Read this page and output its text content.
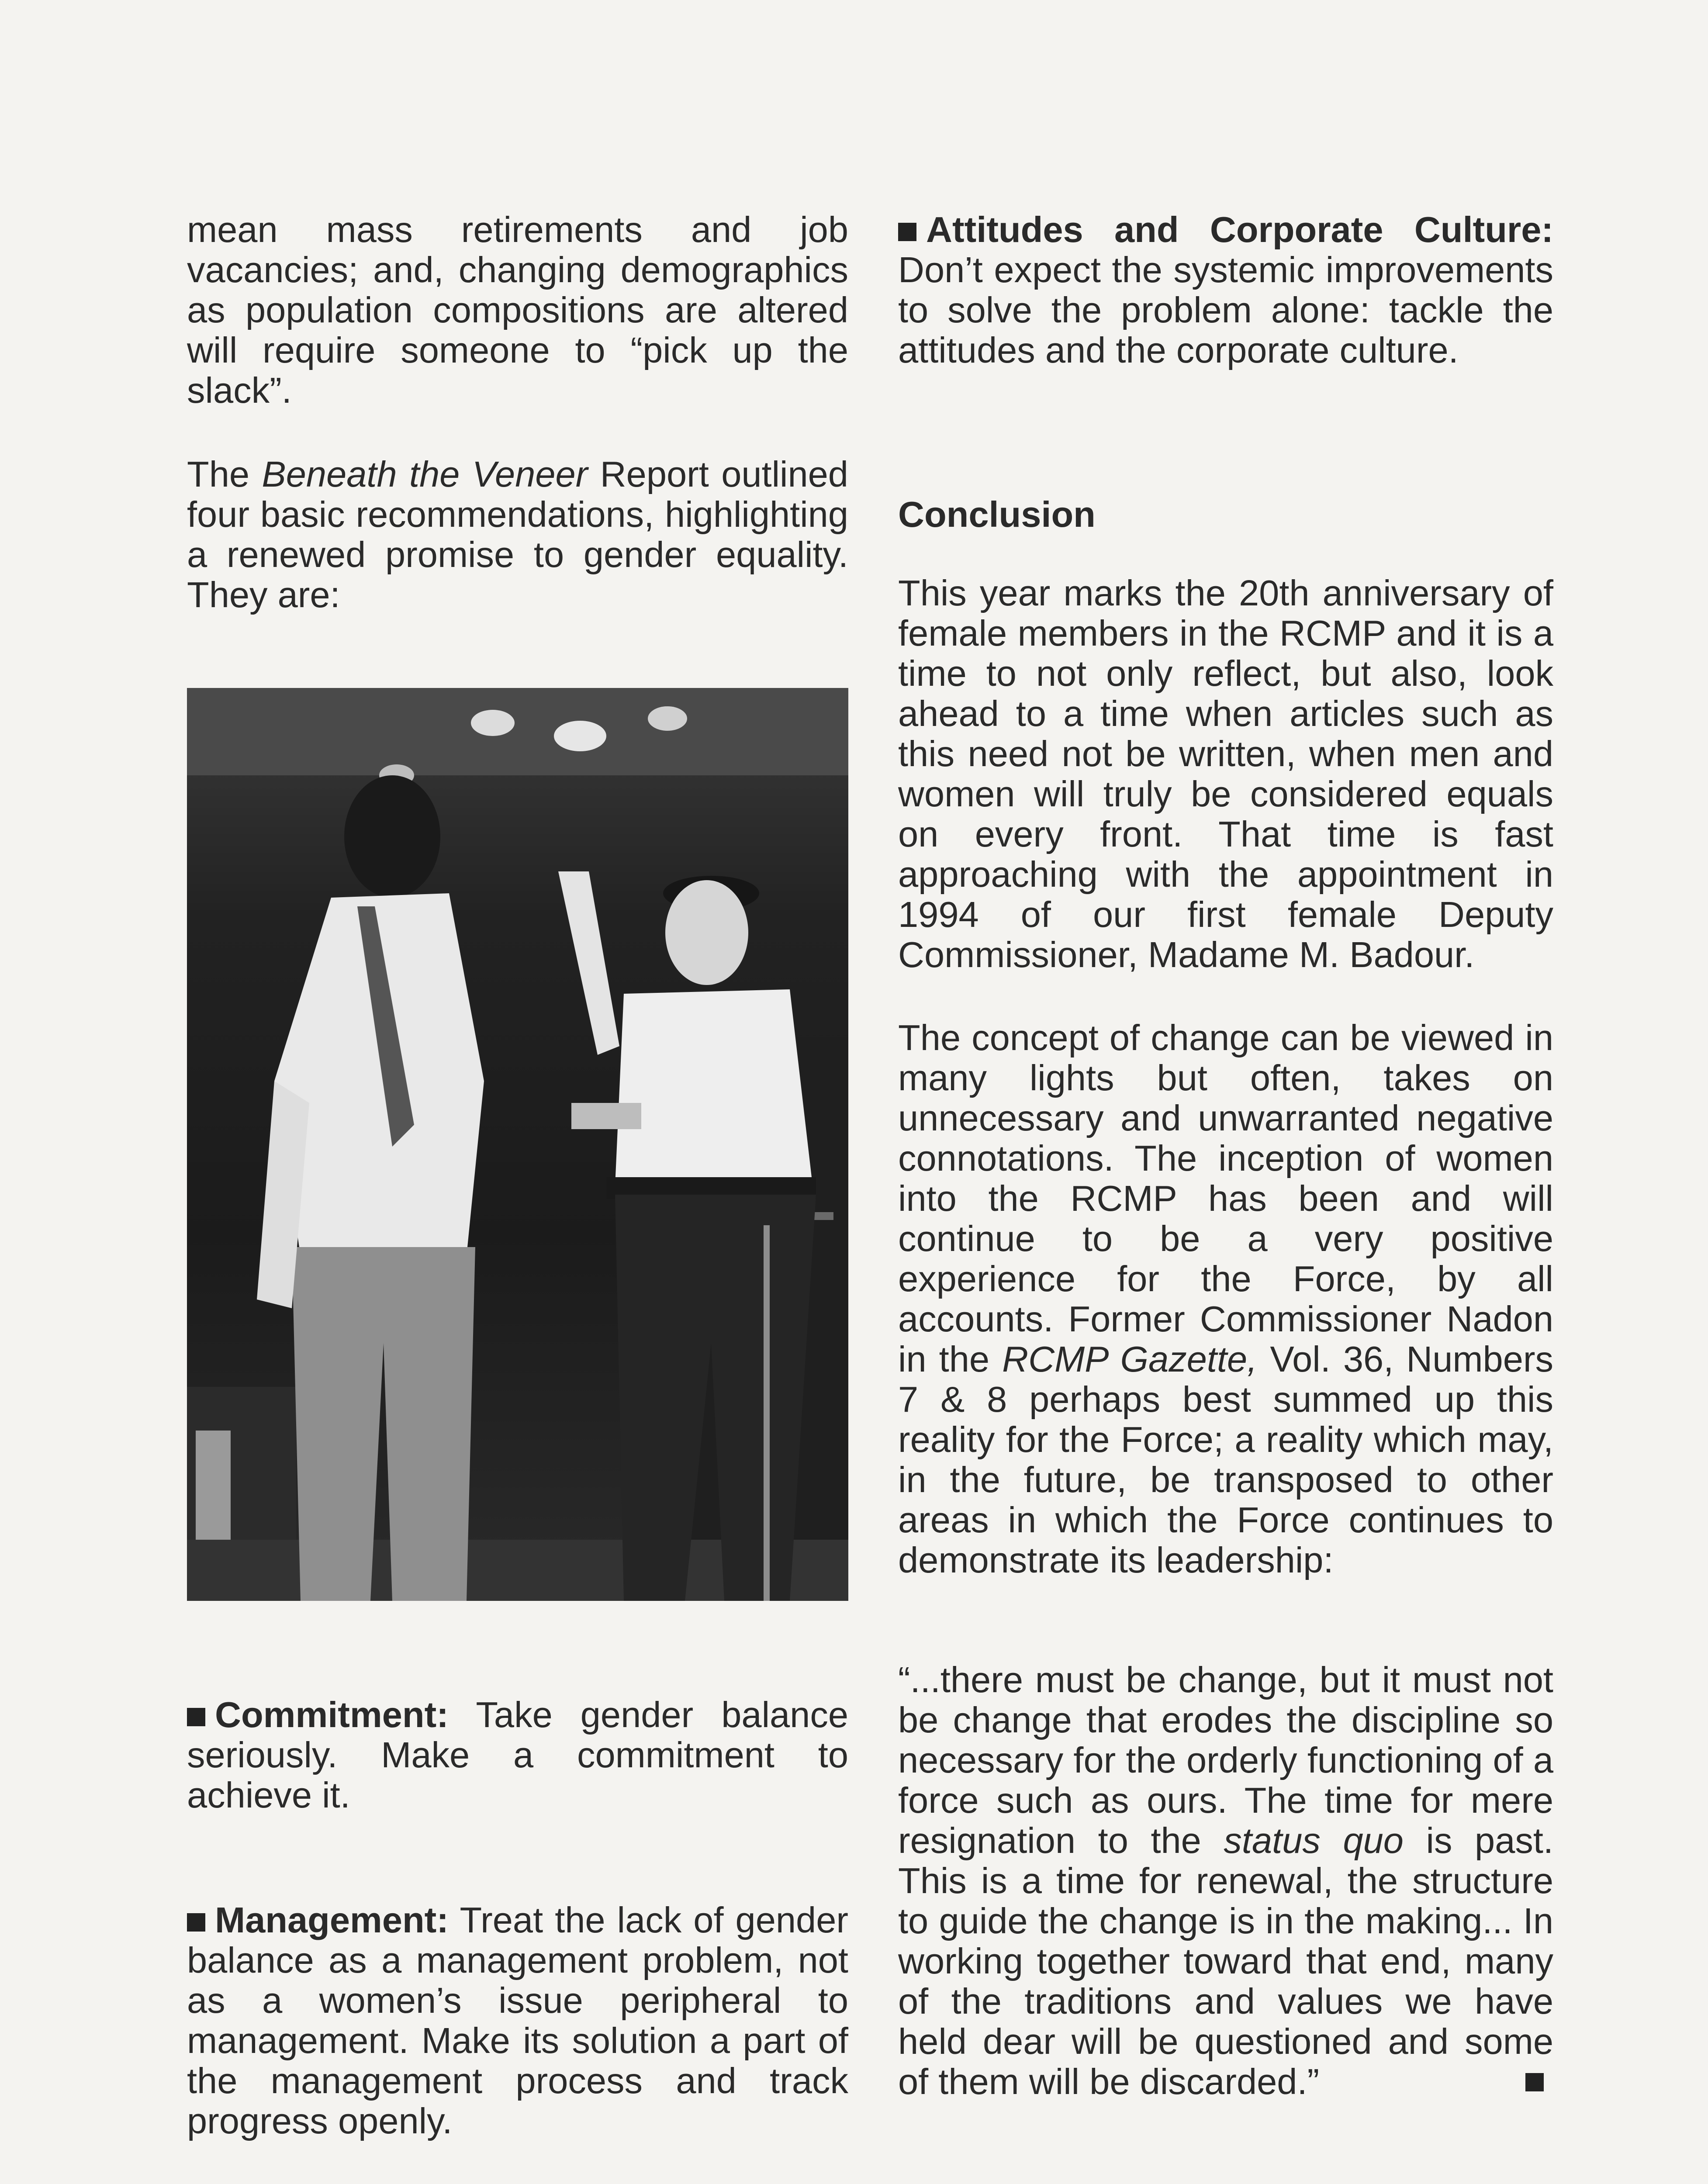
mean mass retirements and job vacancies; and, changing demographics as population compositions are altered will require someone to “pick up the slack”.
The Beneath the Veneer Report outlined four basic recommendations, highlighting a renewed promise to gender equality. They are:
Commitment: Take gender balance seriously. Make a commitment to achieve it.
Management: Treat the lack of gender balance as a management problem, not as a women’s issue peripheral to management. Make its solution a part of the management process and track progress openly.
Attitudes and Corporate Culture: Don’t expect the systemic improvements to solve the problem alone: tackle the attitudes and the corporate culture.
Conclusion
This year marks the 20th anniversary of female members in the RCMP and it is a time to not only reflect, but also, look ahead to a time when articles such as this need not be written, when men and women will truly be considered equals on every front. That time is fast approaching with the appointment in 1994 of our first female Deputy Commissioner, Madame M. Badour.
The concept of change can be viewed in many lights but often, takes on unnecessary and unwarranted negative connotations. The inception of women into the RCMP has been and will continue to be a very positive experience for the Force, by all accounts. Former Commissioner Nadon in the RCMP Gazette, Vol. 36, Numbers 7 & 8 perhaps best summed up this reality for the Force; a reality which may, in the future, be transposed to other areas in which the Force continues to demonstrate its leadership:
“...there must be change, but it must not be change that erodes the discipline so necessary for the orderly functioning of a force such as ours. The time for mere resignation to the status quo is past. This is a time for renewal, the structure to guide the change is in the making... In working together toward that end, many of the traditions and values we have held dear will be questioned and some of them will be discarded.”
